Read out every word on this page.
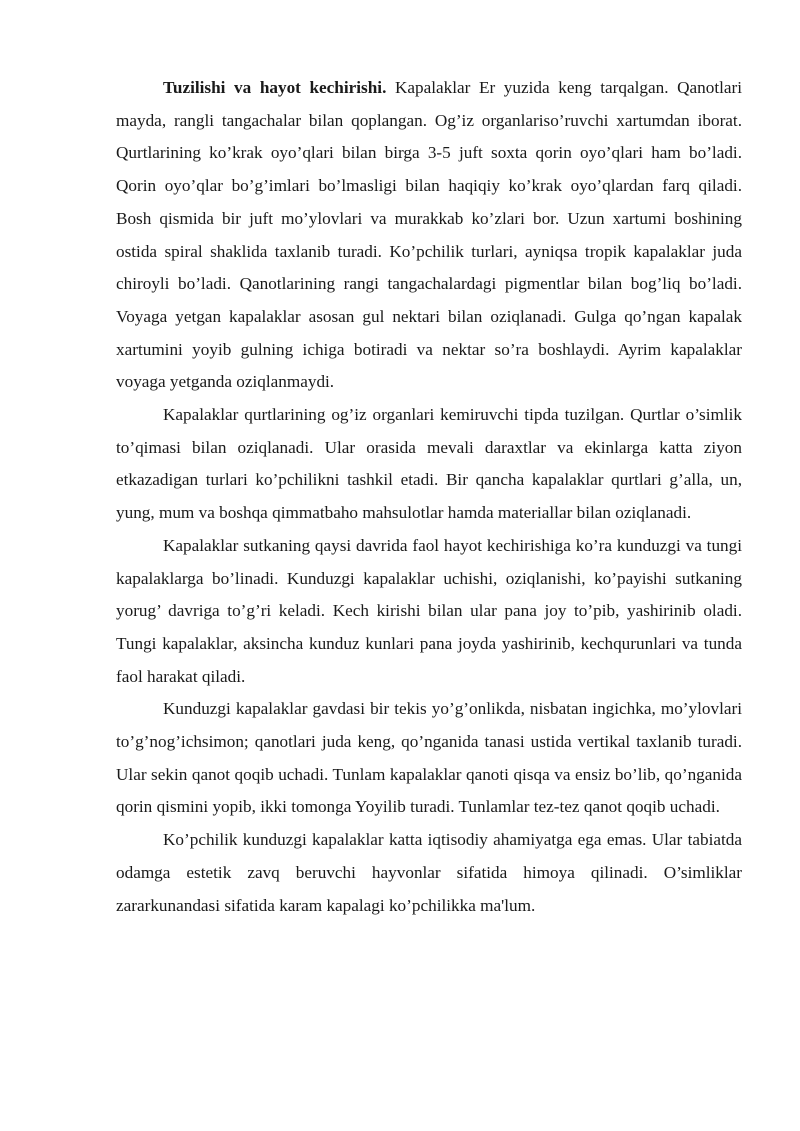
Tuzilishi va hayot kechirishi. Kapalaklar Er yuzida keng tarqalgan. Qanotlari mayda, rangli tangachalar bilan qoplangan. Og’iz organlariso’ruvchi xartumdan iborat. Qurtlarining ko’krak oyo’qlari bilan birga 3-5 juft soxta qorin oyo’qlari ham bo’ladi. Qorin oyo’qlar bo’g’imlari bo’lmasligi bilan haqiqiy ko’krak oyo’qlardan farq qiladi. Bosh qismida bir juft mo’ylovlari va murakkab ko’zlari bor. Uzun xartumi boshining ostida spiral shaklida taxlanib turadi. Ko’pchilik turlari, ayniqsa tropik kapalaklar juda chiroyli bo’ladi. Qanotlarining rangi tangachalardagi pigmentlar bilan bog’liq bo’ladi. Voyaga yetgan kapalaklar asosan gul nektari bilan oziqlanadi. Gulga qo’ngan kapalak xartumini yoyib gulning ichiga botiradi va nektar so’ra boshlaydi. Ayrim kapalaklar voyaga yetganda oziqlanmaydi.

Kapalaklar qurtlarining og’iz organlari kemiruvchi tipda tuzilgan. Qurtlar o’simlik to’qimasi bilan oziqlanadi. Ular orasida mevali daraxtlar va ekinlarga katta ziyon etkazadigan turlari ko’pchilikni tashkil etadi. Bir qancha kapalaklar qurtlari g’alla, un, yung, mum va boshqa qimmatbaho mahsulotlar hamda materiallar bilan oziqlanadi.

Kapalaklar sutkaning qaysi davrida faol hayot kechirishiga ko’ra kunduzgi va tungi kapalaklarga bo’linadi. Kunduzgi kapalaklar uchishi, oziqlanishi, ko’payishi sutkaning yorug’ davriga to’g’ri keladi. Kech kirishi bilan ular pana joy to’pib, yashirinib oladi. Tungi kapalaklar, aksincha kunduz kunlari pana joyda yashirinib, kechqurunlari va tunda faol harakat qiladi.

Kunduzgi kapalaklar gavdasi bir tekis yo’g’onlikda, nisbatan ingichka, mo’ylovlari to’g’nog’ichsimon; qanotlari juda keng, qo’nganida tanasi ustida vertikal taxlanib turadi. Ular sekin qanot qoqib uchadi. Tunlam kapalaklar qanoti qisqa va ensiz bo’lib, qo’nganida qorin qismini yopib, ikki tomonga Yoyilib turadi. Tunlamlar tez-tez qanot qoqib uchadi.

Ko’pchilik kunduzgi kapalaklar katta iqtisodiy ahamiyatga ega emas. Ular tabiatda odamga estetik zavq beruvchi hayvonlar sifatida himoya qilinadi. O’simliklar zararkunandasi sifatida karam kapalagi ko’pchilikka ma'lum.
